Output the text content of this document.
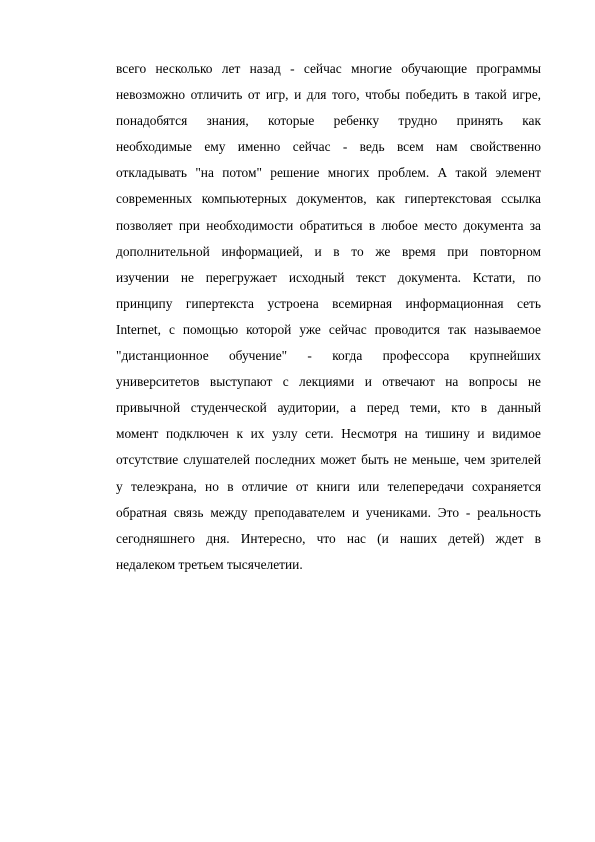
всего несколько лет назад - сейчас многие обучающие программы
невозможно отличить от игр, и для того, чтобы победить в такой игре,
понадобятся знания, которые ребенку трудно принять как
необходимые ему именно сейчас - ведь всем нам свойственно
откладывать "на потом" решение многих проблем. А такой элемент
современных компьютерных документов, как гипертекстовая ссылка
позволяет при необходимости обратиться в любое место документа за
дополнительной информацией, и в то же время при повторном
изучении не перегружает исходный текст документа. Кстати, по
принципу гипертекста устроена всемирная информационная сеть
Internet, с помощью которой уже сейчас проводится так называемое
"дистанционное обучение" - когда профессора крупнейших
университетов выступают с лекциями и отвечают на вопросы не
привычной студенческой аудитории, а перед теми, кто в данный
момент подключен к их узлу сети. Несмотря на тишину и видимое
отсутствие слушателей последних может быть не меньше, чем зрителей
у телеэкрана, но в отличие от книги или телепередачи сохраняется
обратная связь между преподавателем и учениками. Это - реальность
сегодняшнего дня. Интересно, что нас (и наших детей) ждет в
недалеком третьем тысячелетии.
